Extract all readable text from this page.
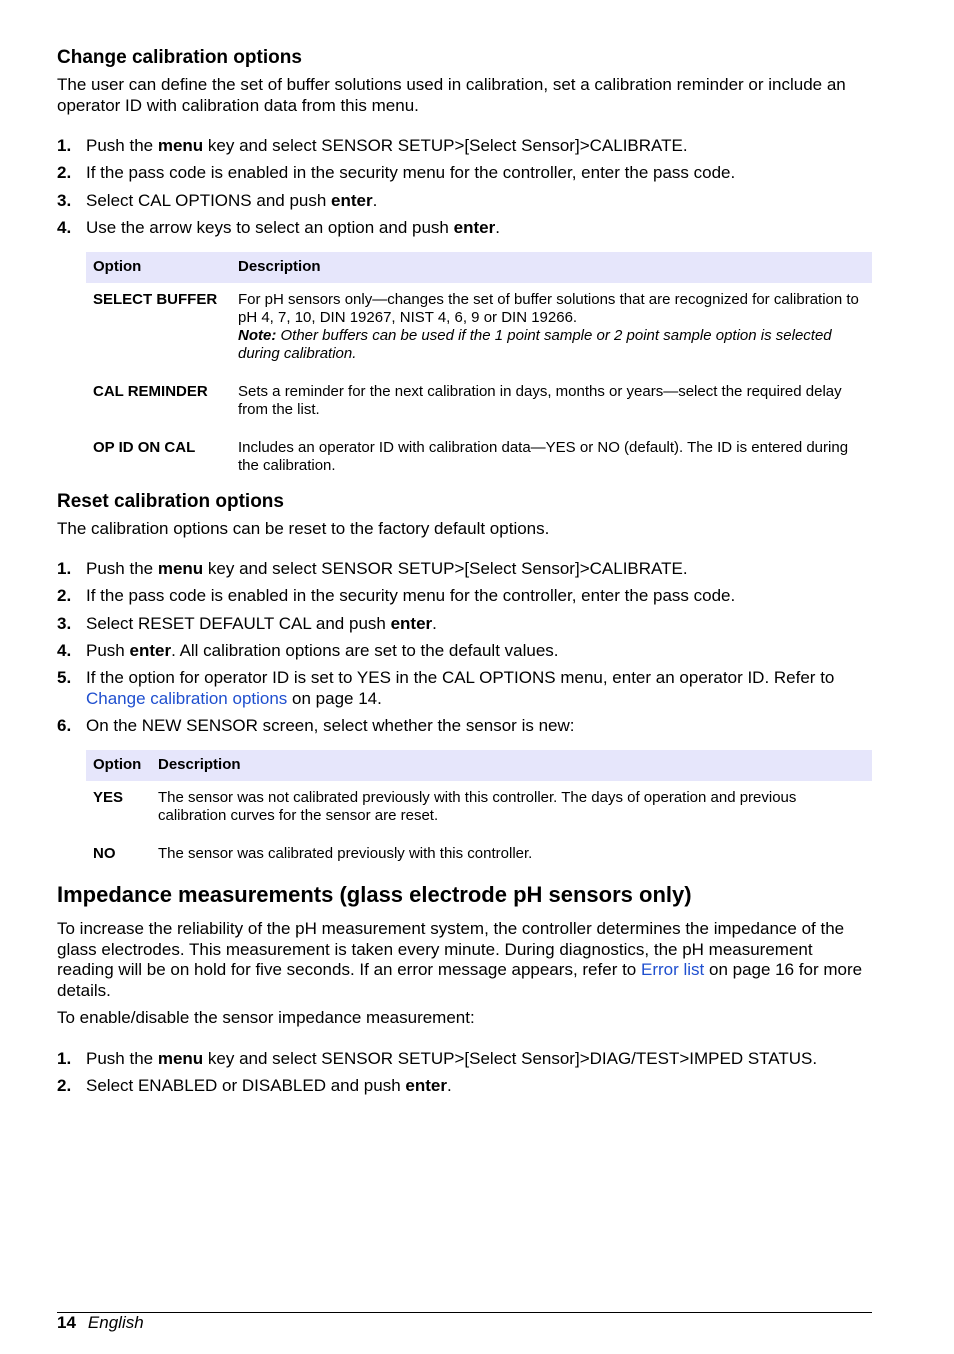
Change calibration options

The user can define the set of buffer solutions used in calibration, set a calibration reminder or include an operator ID with calibration data from this menu.

1. Push the menu key and select SENSOR SETUP>[Select Sensor]>CALIBRATE.
2. If the pass code is enabled in the security menu for the controller, enter the pass code.
3. Select CAL OPTIONS and push enter.
4. Use the arrow keys to select an option and push enter.
Option	Description
SELECT BUFFER	For pH sensors only—changes the set of buffer solutions that are recognized for calibration to pH 4, 7, 10, DIN 19267, NIST 4, 6, 9 or DIN 19266.
Note: Other buffers can be used if the 1 point sample or 2 point sample option is selected during calibration.
CAL REMINDER	Sets a reminder for the next calibration in days, months or years—select the required delay from the list.
OP ID ON CAL	Includes an operator ID with calibration data—YES or NO (default). The ID is entered during the calibration.
Reset calibration options

The calibration options can be reset to the factory default options.

1. Push the menu key and select SENSOR SETUP>[Select Sensor]>CALIBRATE.
2. If the pass code is enabled in the security menu for the controller, enter the pass code.
3. Select RESET DEFAULT CAL and push enter.
4. Push enter. All calibration options are set to the default values.
5. If the option for operator ID is set to YES in the CAL OPTIONS menu, enter an operator ID. Refer to Change calibration options on page 14.
6. On the NEW SENSOR screen, select whether the sensor is new:
Option	Description
YES	The sensor was not calibrated previously with this controller. The days of operation and previous calibration curves for the sensor are reset.
NO	The sensor was calibrated previously with this controller.
Impedance measurements (glass electrode pH sensors only)

To increase the reliability of the pH measurement system, the controller determines the impedance of the glass electrodes. This measurement is taken every minute. During diagnostics, the pH measurement reading will be on hold for five seconds. If an error message appears, refer to Error list on page 16 for more details.

To enable/disable the sensor impedance measurement:

1. Push the menu key and select SENSOR SETUP>[Select Sensor]>DIAG/TEST>IMPED STATUS.
2. Select ENABLED or DISABLED and push enter.
14 English
